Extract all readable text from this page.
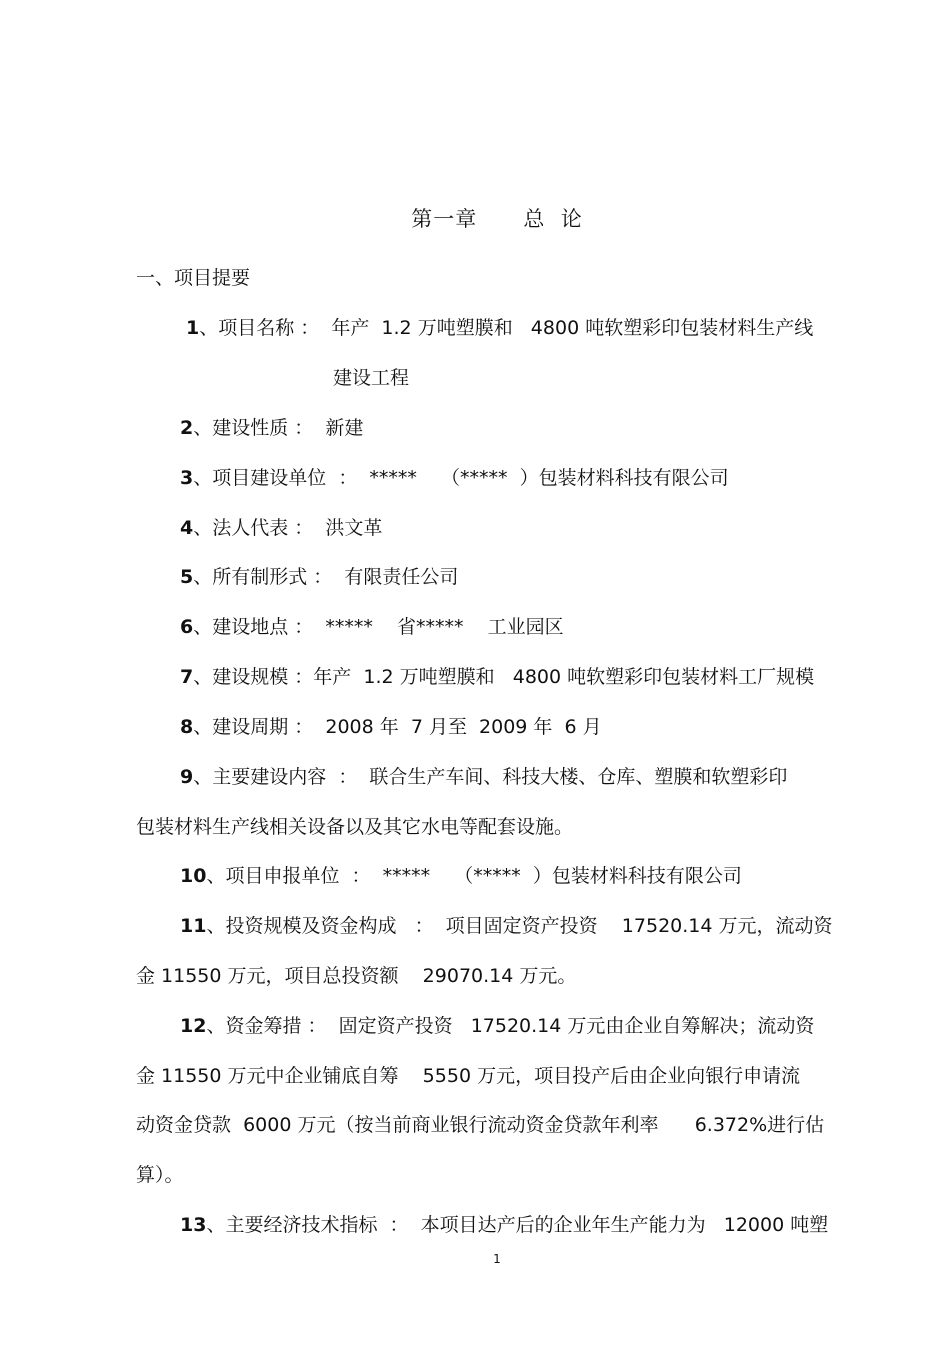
第一章 总  论
一、项目提要
1、项目名称 ：  年产  1.2 万吨塑膜和   4800 吨软塑彩印包装材料生产线
建设工程
2、建设性质 ：  新建
3、项目建设单位  ：  *****    （*****  ）包装材料科技有限公司
4、法人代表 ：  洪文革
5、所有制形式 ：  有限责任公司
6、建设地点 ：  *****    省*****    工业园区
7、建设规模 ：年产  1.2 万吨塑膜和   4800 吨软塑彩印包装材料工厂规模
8、建设周期 ：  2008 年  7 月至  2009 年  6 月
9、主要建设内容  ：  联合生产车间、科技大楼、仓库、塑膜和软塑彩印
包装材料生产线相关设备以及其它水电等配套设施。
10、项目申报单位  ：  *****    （*****  ）包装材料科技有限公司
11、投资规模及资金构成   ：  项目固定资产投资    17520.14 万元，流动资
金 11550 万元，项目总投资额    29070.14 万元。
12、资金筹措 ：  固定资产投资   17520.14 万元由企业自筹解决；流动资
金 11550 万元中企业铺底自筹    5550 万元，项目投产后由企业向银行申请流
动资金贷款  6000 万元（按当前商业银行流动资金贷款年利率      6.372%进行估
算）。
13、主要经济技术指标  ：  本项目达产后的企业年生产能力为   12000 吨塑
1
